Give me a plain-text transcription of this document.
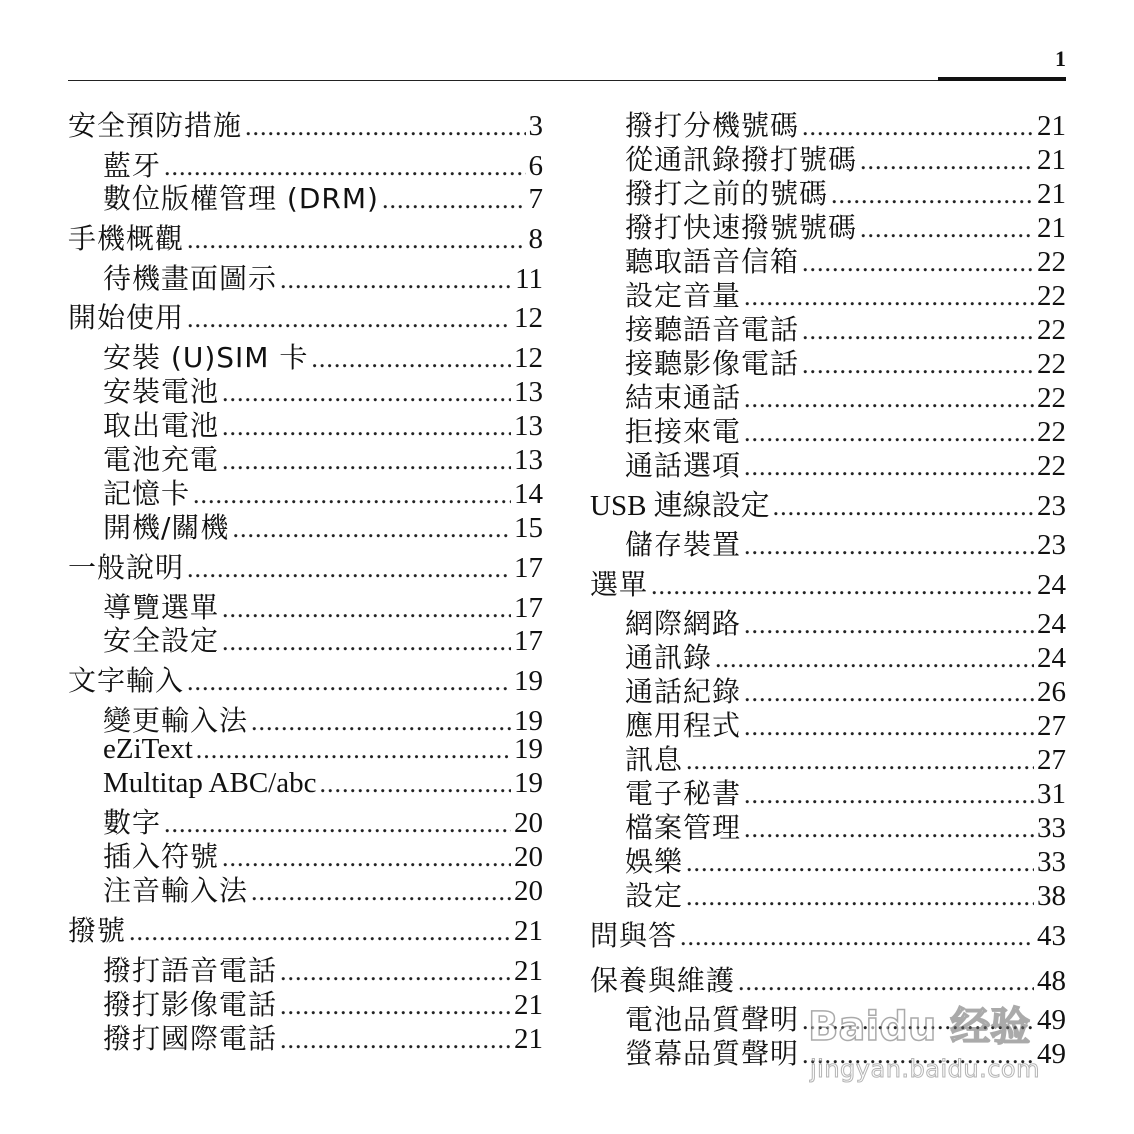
1
安全預防措施 .....	3
藍牙 .....	6
數位版權管理 (DRM) .....	7
手機概觀 .....	8
待機畫面圖示 .....	11
開始使用 .....	12
安裝 (U)SIM 卡 .....	12
安裝電池 .....	13
取出電池 .....	13
電池充電 .....	13
記憶卡 .....	14
開機/關機 .....	15
一般說明 .....	17
導覽選單 .....	17
安全設定 .....	17
文字輸入 .....	19
變更輸入法 .....	19
eZiText .....	19
Multitap ABC/abc .....	19
數字 .....	20
插入符號 .....	20
注音輸入法 .....	20
撥號 .....	21
撥打語音電話 .....	21
撥打影像電話 .....	21
撥打國際電話 .....	21
撥打分機號碼 .....	21
從通訊錄撥打號碼 .....	21
撥打之前的號碼 .....	21
撥打快速撥號號碼 .....	21
聽取語音信箱 .....	22
設定音量 .....	22
接聽語音電話 .....	22
接聽影像電話 .....	22
結束通話 .....	22
拒接來電 .....	22
通話選項 .....	22
USB 連線設定 .....	23
儲存裝置 .....	23
選單 .....	24
網際網路 .....	24
通訊錄 .....	24
通話紀錄 .....	26
應用程式 .....	27
訊息 .....	27
電子秘書 .....	31
檔案管理 .....	33
娛樂 .....	33
設定 .....	38
問與答 .....	43
保養與維護 .....	48
電池品質聲明 .....	49
螢幕品質聲明 .....	49
Baidu 经验
jingyan.baidu.com
